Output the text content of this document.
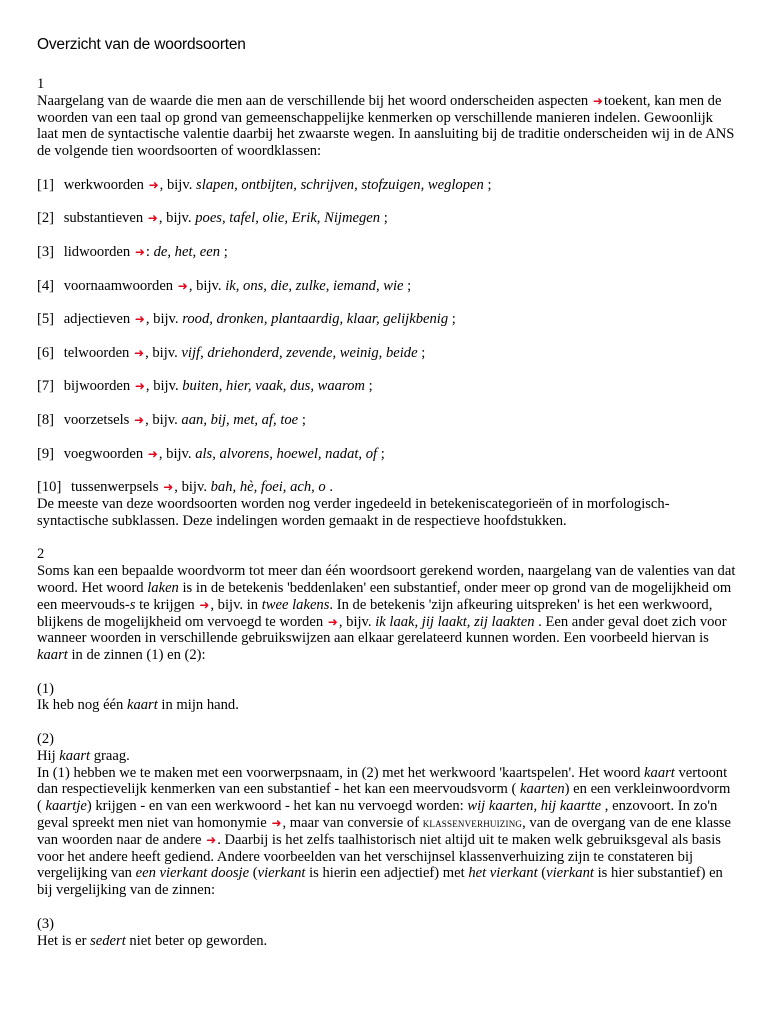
Overzicht van de woordsoorten

1

Naargelang van de waarde die men aan de verschillende bij het woord onderscheiden aspecten ➜toekent, kan men de woorden van een taal op grond van gemeenschappelijke kenmerken op verschillende manieren indelen. Gewoonlijk laat men de syntactische valentie daarbij het zwaarste wegen. In aansluiting bij de traditie onderscheiden wij in de ANS de volgende tien woordsoorten of woordklassen:

[1] werkwoorden ➜, bijv. slapen, ontbijten, schrijven, stofzuigen, weglopen ;

[2] substantieven ➜, bijv. poes, tafel, olie, Erik, Nijmegen ;

[3] lidwoorden ➜: de, het, een ;

[4] voornaamwoorden ➜, bijv. ik, ons, die, zulke, iemand, wie ;

[5] adjectieven ➜, bijv. rood, dronken, plantaardig, klaar, gelijkbenig ;

[6] telwoorden ➜, bijv. vijf, driehonderd, zevende, weinig, beide ;

[7] bijwoorden ➜, bijv. buiten, hier, vaak, dus, waarom ;

[8] voorzetsels ➜, bijv. aan, bij, met, af, toe ;

[9] voegwoorden ➜, bijv. als, alvorens, hoewel, nadat, of ;

[10] tussenwerpsels ➜, bijv. bah, hè, foei, ach, o .

De meeste van deze woordsoorten worden nog verder ingedeeld in betekeniscategorieën of in morfologisch-syntactische subklassen. Deze indelingen worden gemaakt in de respectieve hoofdstukken.

2

Soms kan een bepaalde woordvorm tot meer dan één woordsoort gerekend worden, naargelang van de valenties van dat woord. Het woord laken is in de betekenis 'beddenlaken' een substantief, onder meer op grond van de mogelijkheid om een meervouds-s te krijgen ➜, bijv. in twee lakens. In de betekenis 'zijn afkeuring uitspreken' is het een werkwoord, blijkens de mogelijkheid om vervoegd te worden ➜, bijv. ik laak, jij laakt, zij laakten . Een ander geval doet zich voor wanneer woorden in verschillende gebruikswijzen aan elkaar gerelateerd kunnen worden. Een voorbeeld hiervan is kaart in de zinnen (1) en (2):

(1)

Ik heb nog één kaart in mijn hand.

(2)

Hij kaart graag.

In (1) hebben we te maken met een voorwerpsnaam, in (2) met het werkwoord 'kaartspelen'. Het woord kaart vertoont dan respectievelijk kenmerken van een substantief - het kan een meervoudsvorm ( kaarten) en een verkleinwoordvorm ( kaartje) krijgen - en van een werkwoord - het kan nu vervoegd worden: wij kaarten, hij kaartte , enzovoort. In zo'n geval spreekt men niet van homonymie ➜, maar van conversie of klassenverhuizing, van de overgang van de ene klasse van woorden naar de andere ➜. Daarbij is het zelfs taalhistorisch niet altijd uit te maken welk gebruiksgeval als basis voor het andere heeft gediend. Andere voorbeelden van het verschijnsel klassenverhuizing zijn te constateren bij vergelijking van een vierkant doosje (vierkant is hierin een adjectief) met het vierkant (vierkant is hier substantief) en bij vergelijking van de zinnen:

(3)

Het is er sedert niet beter op geworden.
